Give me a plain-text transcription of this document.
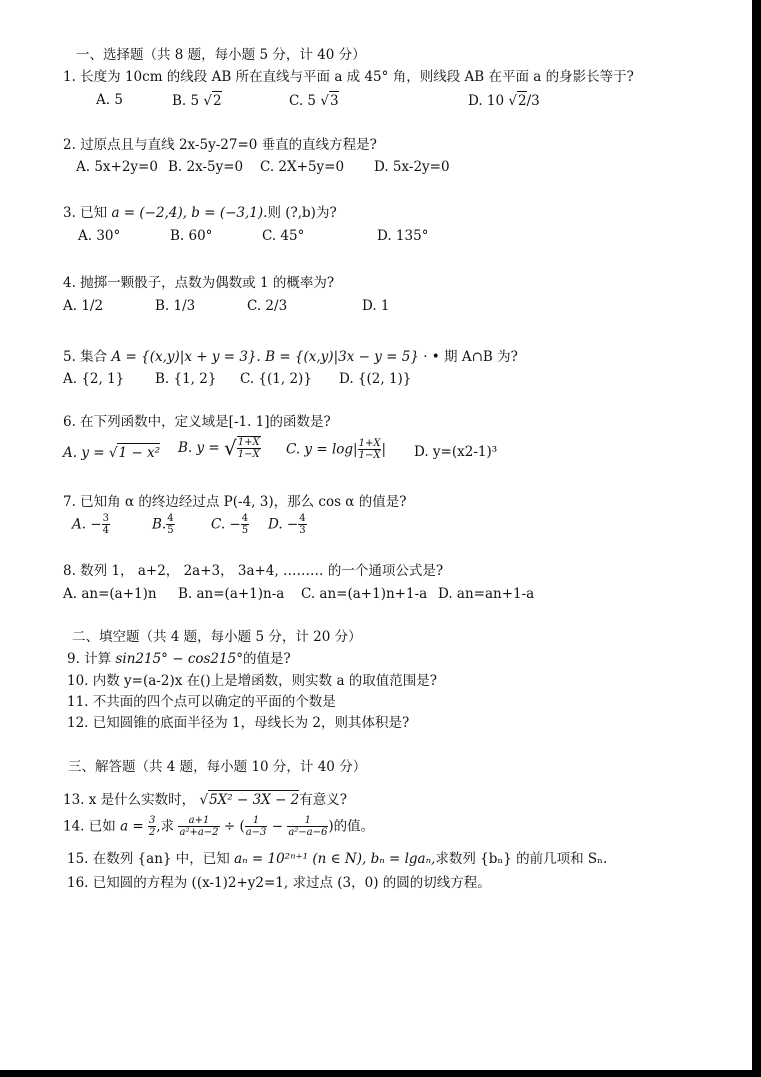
一、选择题（共 8 题，每小题 5 分，计 40 分）
1. 长度为 10cm 的线段 AB 所在直线与平面 a 成 45° 角，则线段 AB 在平面 a 的身影长等于?
A. 5	B. 5 √2	C. 5 √3	D. 10 √2/3
2. 过原点且与直线 2x-5y-27=0 垂直的直线方程是?
A. 5x+2y=0 B. 2x-5y=0 C. 2X+5y=0 D. 5x-2y=0
3. 已知 a = (−2,4), b = (−3,1).则 (?,b)为?
A. 30°	B. 60°	C. 45°	D. 135°
4. 抛掷一颗骰子，点数为偶数或 1 的概率为?
A. 1/2	B. 1/3	C. 2/3	D. 1
5. 集合 A = {(x,y)|x + y = 3}. B = {(x,y)|3x − y = 5} · • 期 A∩B 为?
A. {2, 1} B. {1, 2} C. {(1, 2)} D. {(2, 1)}
6. 在下列函数中，定义域是[-1. 1]的函数是?
A. y = √1 − x² B. y = √ $\frac{1+X}{1-X} C$. $y = \log| \frac{1+X}{1-X}$ | D. y=(x2-1)³
7. 已知角 α 的终边经过点 P(-4, 3)，那么 cos α 的值是?
A. − $\frac{3}{4}$	B. $\frac{4}{5}$	C. − $\frac{4}{5} D$. − $\frac{4}{3}$
8. 数列 1， a+2， 2a+3， 3a+4, ……… 的一个通项公式是?
A. an=(a+1)n B. an=(a+1)n-a C. an=(a+1)n+1-a D. an=an+1-a
二、填空题（共 4 题，每小题 5 分，计 20 分）
9. 计算 sin215° − cos215°的值是?
10. 内数 y=(a-2)x 在()上是增函数，则实数 a 的取值范围是?
11. 不共面的四个点可以确定的平面的个数是
12. 已知圆锥的底面半径为 1，母线长为 2，则其体积是?
三、解答题（共 4 题，每小题 10 分，计 40 分）
13. x 是什么实数时， √5X² − 3X − 2有意义?
14. 已如 $a = \frac{3}{2}$ ,求 $\frac{a+1}{\text{a²+a−2}}$ ÷ ( $\frac{1}{a-3} - \frac{1}{\text{a²−a−6}}$ )的值。
15. 在数列 {an} 中，已知 aₙ = 10²ⁿ⁺¹ (n ∈ N), bₙ = lgaₙ,求数列 {bₙ} 的前几项和 Sₙ.
16. 已知圆的方程为 ((x-1)2+y2=1, 求过点 (3，0) 的圆的切线方程。
